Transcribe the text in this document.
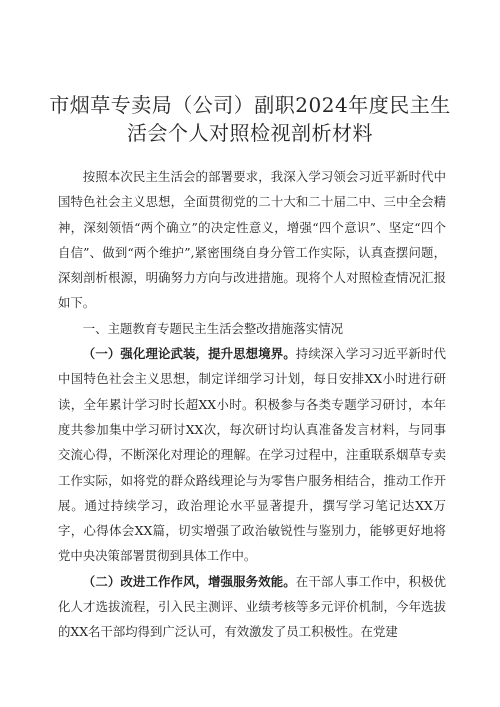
市烟草专卖局（公司）副职2024年度民主生
活会个人对照检视剖析材料

按照本次民主生活会的部署要求，我深入学习领会习近平新时代中国特色社会主义思想，全面贯彻党的二十大和二十届二中、三中全会精神，深刻领悟“两个确立”的决定性意义，增强“四个意识”、坚定“四个自信”、做到“两个维护”,紧密围绕自身分管工作实际，认真查摆问题，深刻剖析根源，明确努力方向与改进措施。现将个人对照检查情况汇报如下。

一、主题教育专题民主生活会整改措施落实情况

（一）强化理论武装，提升思想境界。持续深入学习习近平新时代中国特色社会主义思想，制定详细学习计划，每日安排XX小时进行研读，全年累计学习时长超XX小时。积极参与各类专题学习研讨，本年度共参加集中学习研讨XX次，每次研讨均认真准备发言材料，与同事交流心得，不断深化对理论的理解。在学习过程中，注重联系烟草专卖工作实际，如将党的群众路线理论与为零售户服务相结合，推动工作开展。通过持续学习，政治理论水平显著提升，撰写学习笔记达XX万字，心得体会XX篇，切实增强了政治敏锐性与鉴别力，能够更好地将党中央决策部署贯彻到具体工作中。

（二）改进工作作风，增强服务效能。在干部人事工作中，积极优化人才选拔流程，引入民主测评、业绩考核等多元评价机制，今年选拔的XX名干部均得到广泛认可，有效激发了员工积极性。在党建
